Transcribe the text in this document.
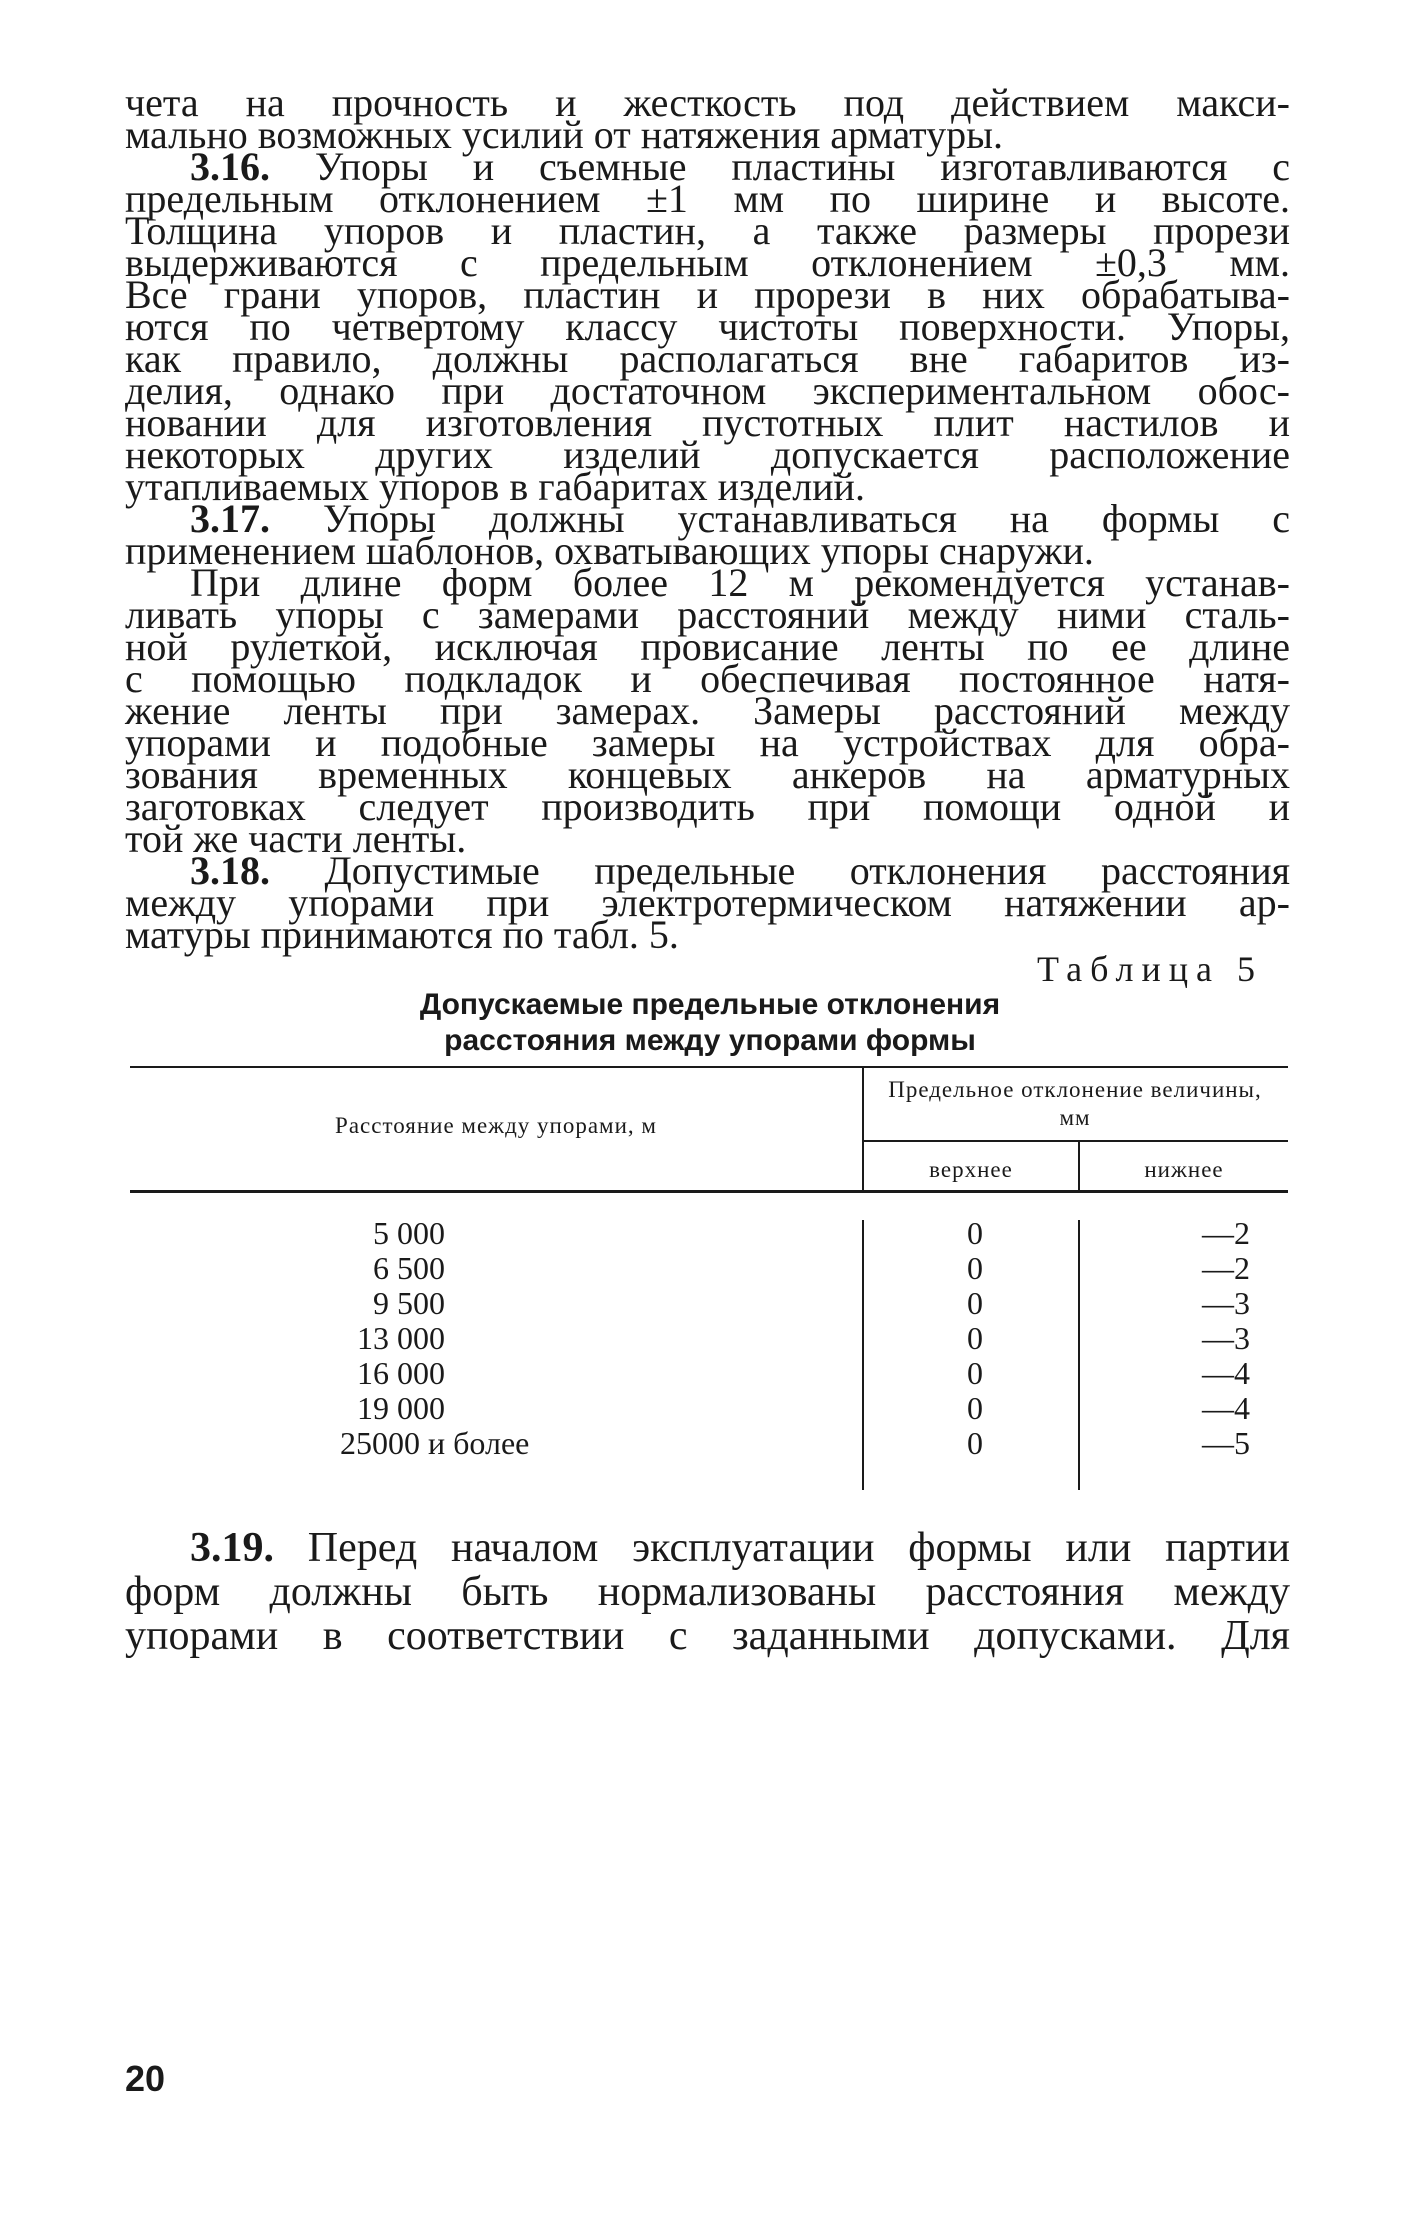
чета на прочность и жесткость под действием макси-
мально возможных усилий от натяжения арматуры.
3.16. Упоры и съемные пластины изготавливаются с
предельным отклонением ±1 мм по ширине и высоте.
Толщина упоров и пластин, а также размеры прорези
выдерживаются с предельным отклонением ±0,3 мм.
Все грани упоров, пластин и прорези в них обрабатыва-
ются по четвертому классу чистоты поверхности. Упоры,
как правило, должны располагаться вне габаритов из-
делия, однако при достаточном экспериментальном обос-
новании для изготовления пустотных плит настилов и
некоторых других изделий допускается расположение
утапливаемых упоров в габаритах изделий.
3.17. Упоры должны устанавливаться на формы с
применением шаблонов, охватывающих упоры снаружи.
При длине форм более 12 м рекомендуется устанав-
ливать упоры с замерами расстояний между ними сталь-
ной рулеткой, исключая провисание ленты по ее длине
с помощью подкладок и обеспечивая постоянное натя-
жение ленты при замерах. Замеры расстояний между
упорами и подобные замеры на устройствах для обра-
зования временных концевых анкеров на арматурных
заготовках следует производить при помощи одной и
той же части ленты.
3.18. Допустимые предельные отклонения расстояния
между упорами при электротермическом натяжении ар-
матуры принимаются по табл. 5.
Таблица 5
Допускаемые предельные отклонения
расстояния между упорами формы
Расстояние между упорами, м
Предельное отклонение величины, мм
верхнее	нижнее
5 000	0	—2
6 500	0	—2
9 500	0	—3
13 000	0	—3
16 000	0	—4
19 000	0	—4
25000 и более	0	—5
3.19. Перед началом эксплуатации формы или партии
форм должны быть нормализованы расстояния между
упорами в соответствии с заданными допусками. Для
20
